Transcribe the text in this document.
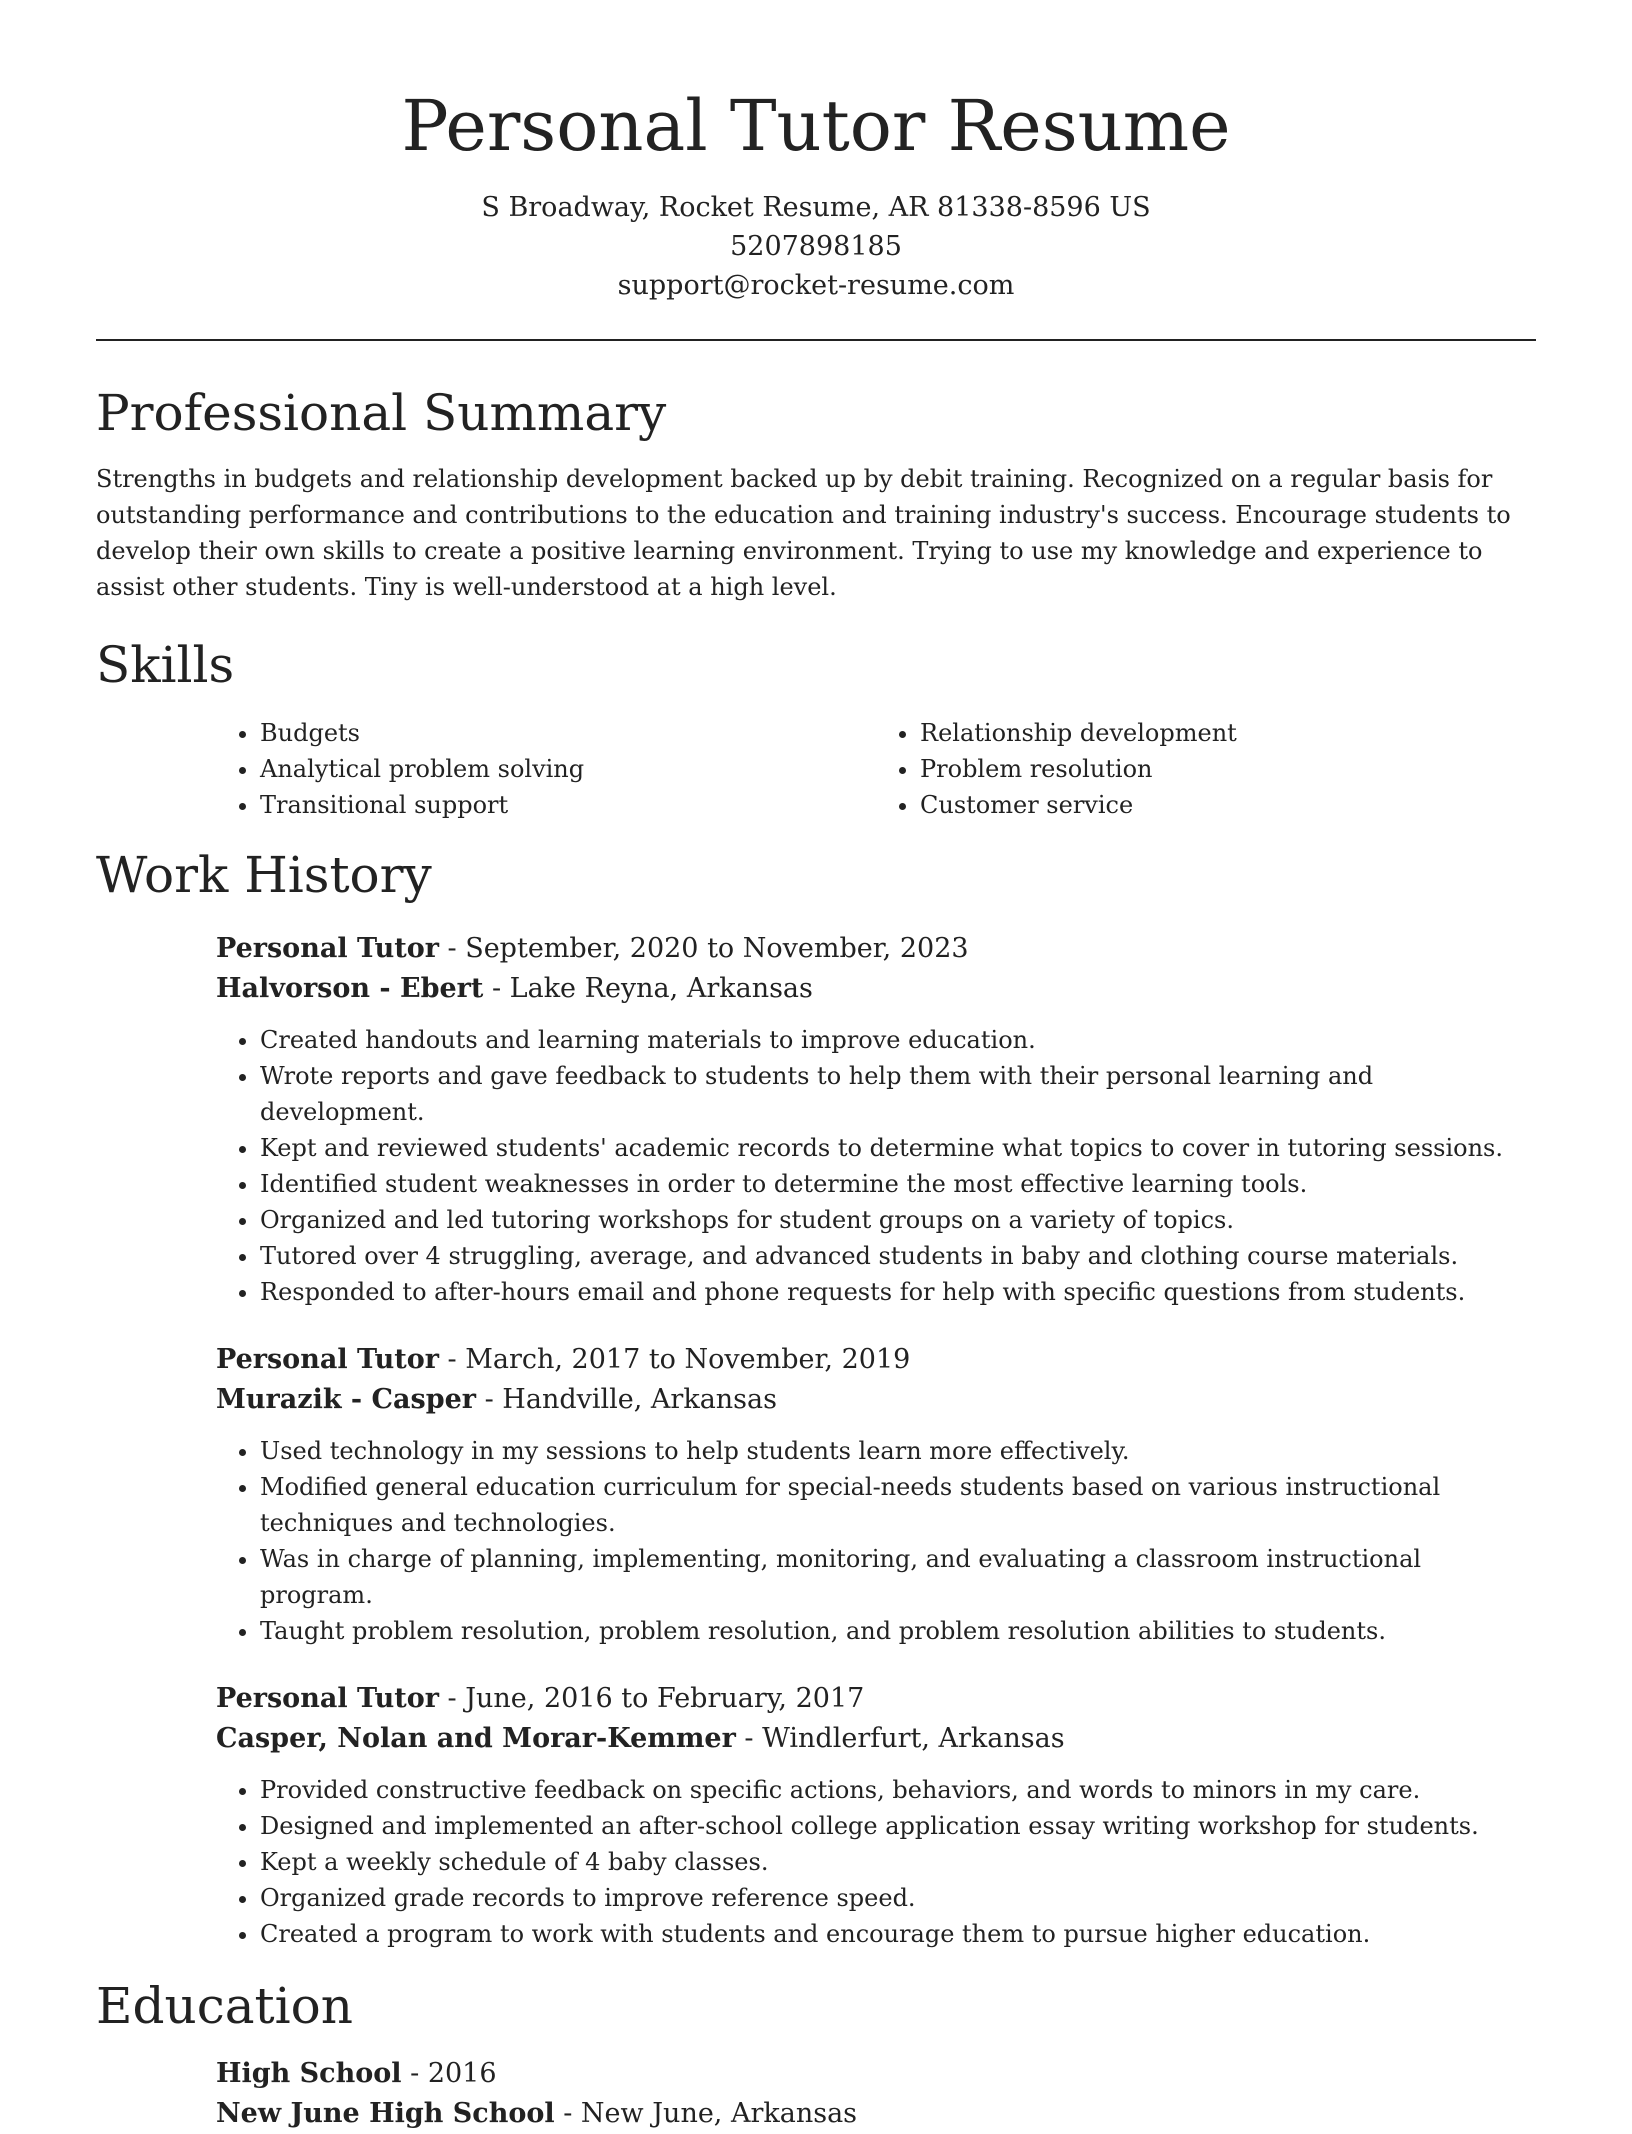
Personal Tutor Resume
S Broadway, Rocket Resume, AR 81338-8596 US
5207898185
support@rocket-resume.com
Professional Summary

Strengths in budgets and relationship development backed up by debit training. Recognized on a regular basis for outstanding performance and contributions to the education and training industry's success. Encourage students to develop their own skills to create a positive learning environment. Trying to use my knowledge and experience to assist other students. Tiny is well-understood at a high level.

Skills
• Budgets
• Analytical problem solving
• Transitional support
• Relationship development
• Problem resolution
• Customer service
Work History
Personal Tutor - September, 2020 to November, 2023
Halvorson - Ebert - Lake Reyna, Arkansas
• Created handouts and learning materials to improve education.
• Wrote reports and gave feedback to students to help them with their personal learning and development.
• Kept and reviewed students' academic records to determine what topics to cover in tutoring sessions.
• Identified student weaknesses in order to determine the most effective learning tools.
• Organized and led tutoring workshops for student groups on a variety of topics.
• Tutored over 4 struggling, average, and advanced students in baby and clothing course materials.
• Responded to after-hours email and phone requests for help with specific questions from students.
Personal Tutor - March, 2017 to November, 2019
Murazik - Casper - Handville, Arkansas
• Used technology in my sessions to help students learn more effectively.
• Modified general education curriculum for special-needs students based on various instructional techniques and technologies.
• Was in charge of planning, implementing, monitoring, and evaluating a classroom instructional program.
• Taught problem resolution, problem resolution, and problem resolution abilities to students.
Personal Tutor - June, 2016 to February, 2017
Casper, Nolan and Morar-Kemmer - Windlerfurt, Arkansas
• Provided constructive feedback on specific actions, behaviors, and words to minors in my care.
• Designed and implemented an after-school college application essay writing workshop for students.
• Kept a weekly schedule of 4 baby classes.
• Organized grade records to improve reference speed.
• Created a program to work with students and encourage them to pursue higher education.
Education
High School - 2016
New June High School - New June, Arkansas
